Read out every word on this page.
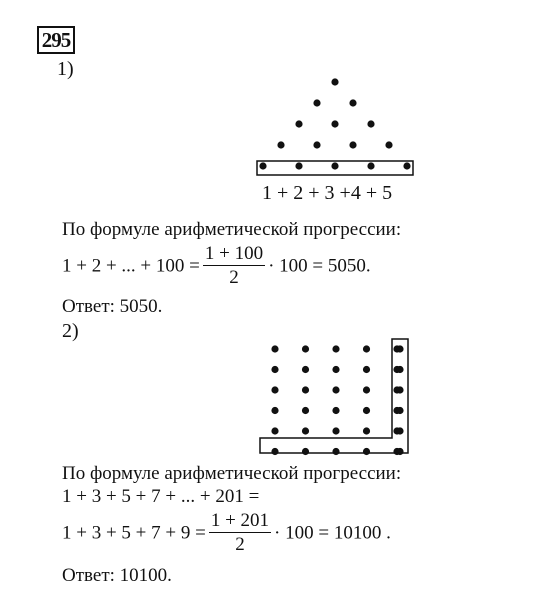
295
1)
1 + 2 + 3 +4 + 5
По формуле арифметической прогрессии:
1 + 2 + ... + $100 = \frac{1 + 100}{2} \cdot 100 = 5050$.
Ответ: 5050.
2)
По формуле арифметической прогрессии:
1 + 3 + 5 + 7 + ... + 201 =
$1 + 3 + 5 + 7 + 9 = \frac{1 + 201}{2} \cdot 100 = 10100$ .
Ответ: 10100.
